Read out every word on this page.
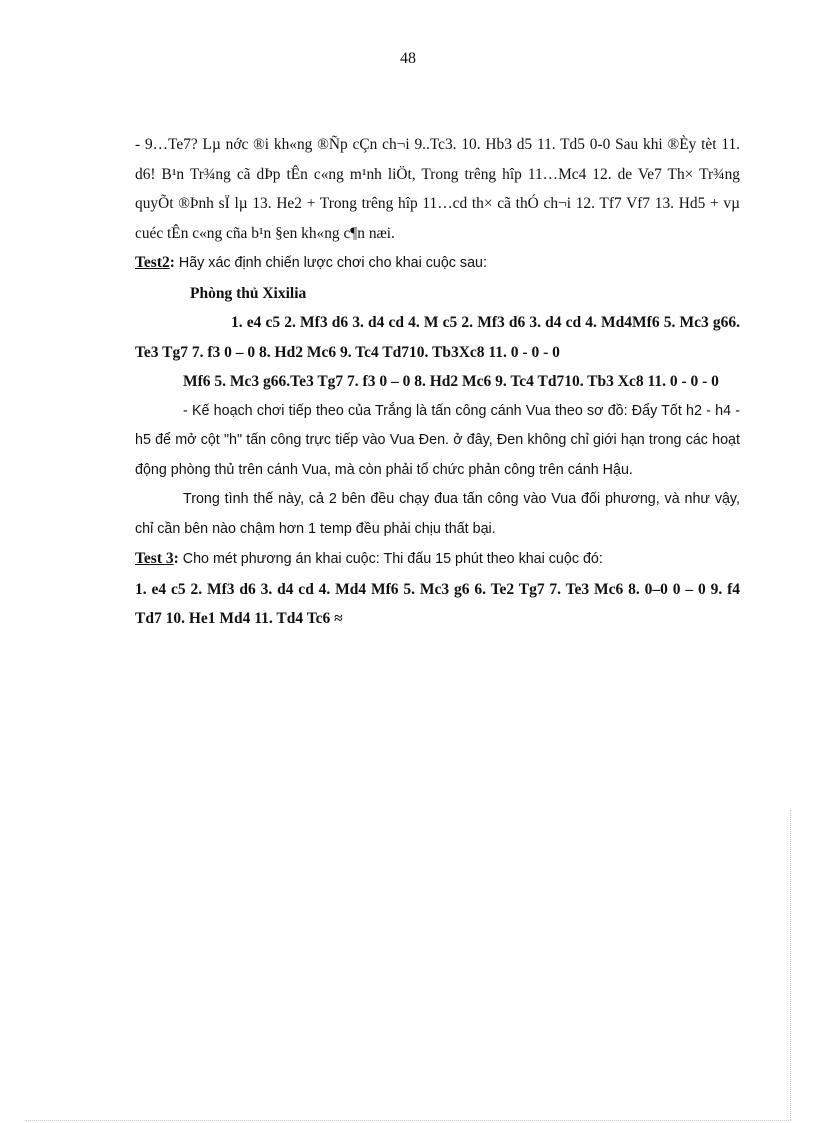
48

- 9…Te7? Lµ nớc ®i kh«ng ®Ñp cÇn ch¬i 9..Tc3. 10. Hb3 d5 11. Td5 0-0 Sau khi ®Èy tèt 11. d6! B¹n Tr¾ng cã dÞp tÊn c«ng m¹nh liÖt, Trong trêng hîp 11…Mc4 12. de Ve7 Th× Tr¾ng quyÕt ®Þnh sÏ lµ 13. He2 + Trong trêng hîp 11…cd th× cã thÓ ch¬i 12. Tf7 Vf7 13. Hd5 + vµ cuéc tÊn c«ng cña b¹n §en kh«ng c¶n næi.

Test2: Hãy xác định chiến lược chơi cho khai cuộc sau:

Phòng thủ Xixilia

1. e4 c5 2. Mf3 d6 3. d4 cd 4. M c5 2. Mf3 d6 3. d4 cd 4. Md4Mf6 5. Mc3 g66. Te3 Tg7 7. f3 0 – 0 8. Hd2 Mc6 9. Tc4 Td710. Tb3Xc8 11. 0 - 0 - 0

Mf6 5. Mc3 g66.Te3 Tg7 7. f3 0 – 0 8. Hd2 Mc6 9. Tc4 Td710. Tb3 Xc8 11. 0 - 0 - 0

- Kế hoạch chơi tiếp theo của Trắng là tấn công cánh Vua theo sơ đồ: Đẩy Tốt h2 - h4 - h5 để mở cột "h" tấn công trực tiếp vào Vua Đen. ở đây, Đen không chỉ giới hạn trong các hoạt động phòng thủ trên cánh Vua, mà còn phải tổ chức phản công trên cánh Hậu.

Trong tình thế này, cả 2 bên đều chạy đua tấn công vào Vua đối phương, và như vậy, chỉ cần bên nào chậm hơn 1 temp đều phải chịu thất bại.

Test 3: Cho mét phương án khai cuộc: Thi đấu 15 phút theo khai cuộc đó:

1. e4 c5 2. Mf3 d6 3. d4 cd 4. Md4 Mf6 5. Mc3 g6 6. Te2 Tg7 7. Te3 Mc6 8. 0–0 0 – 0 9. f4 Td7 10. He1 Md4 11. Td4 Tc6 ≈
